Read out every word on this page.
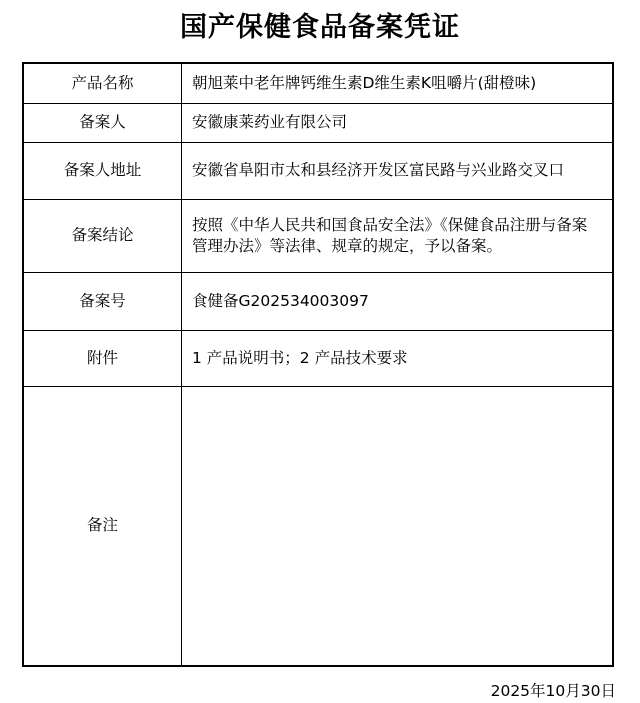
国产保健食品备案凭证
产品名称	朝旭莱中老年牌钙维生素D维生素K咀嚼片(甜橙味)
备案人	安徽康莱药业有限公司
备案人地址	安徽省阜阳市太和县经济开发区富民路与兴业路交叉口
备案结论	按照《中华人民共和国食品安全法》《保健食品注册与备案管理办法》等法律、规章的规定，予以备案。
备案号	食健备G202534003097
附件	1 产品说明书；2 产品技术要求
备注	
2025年10月30日
